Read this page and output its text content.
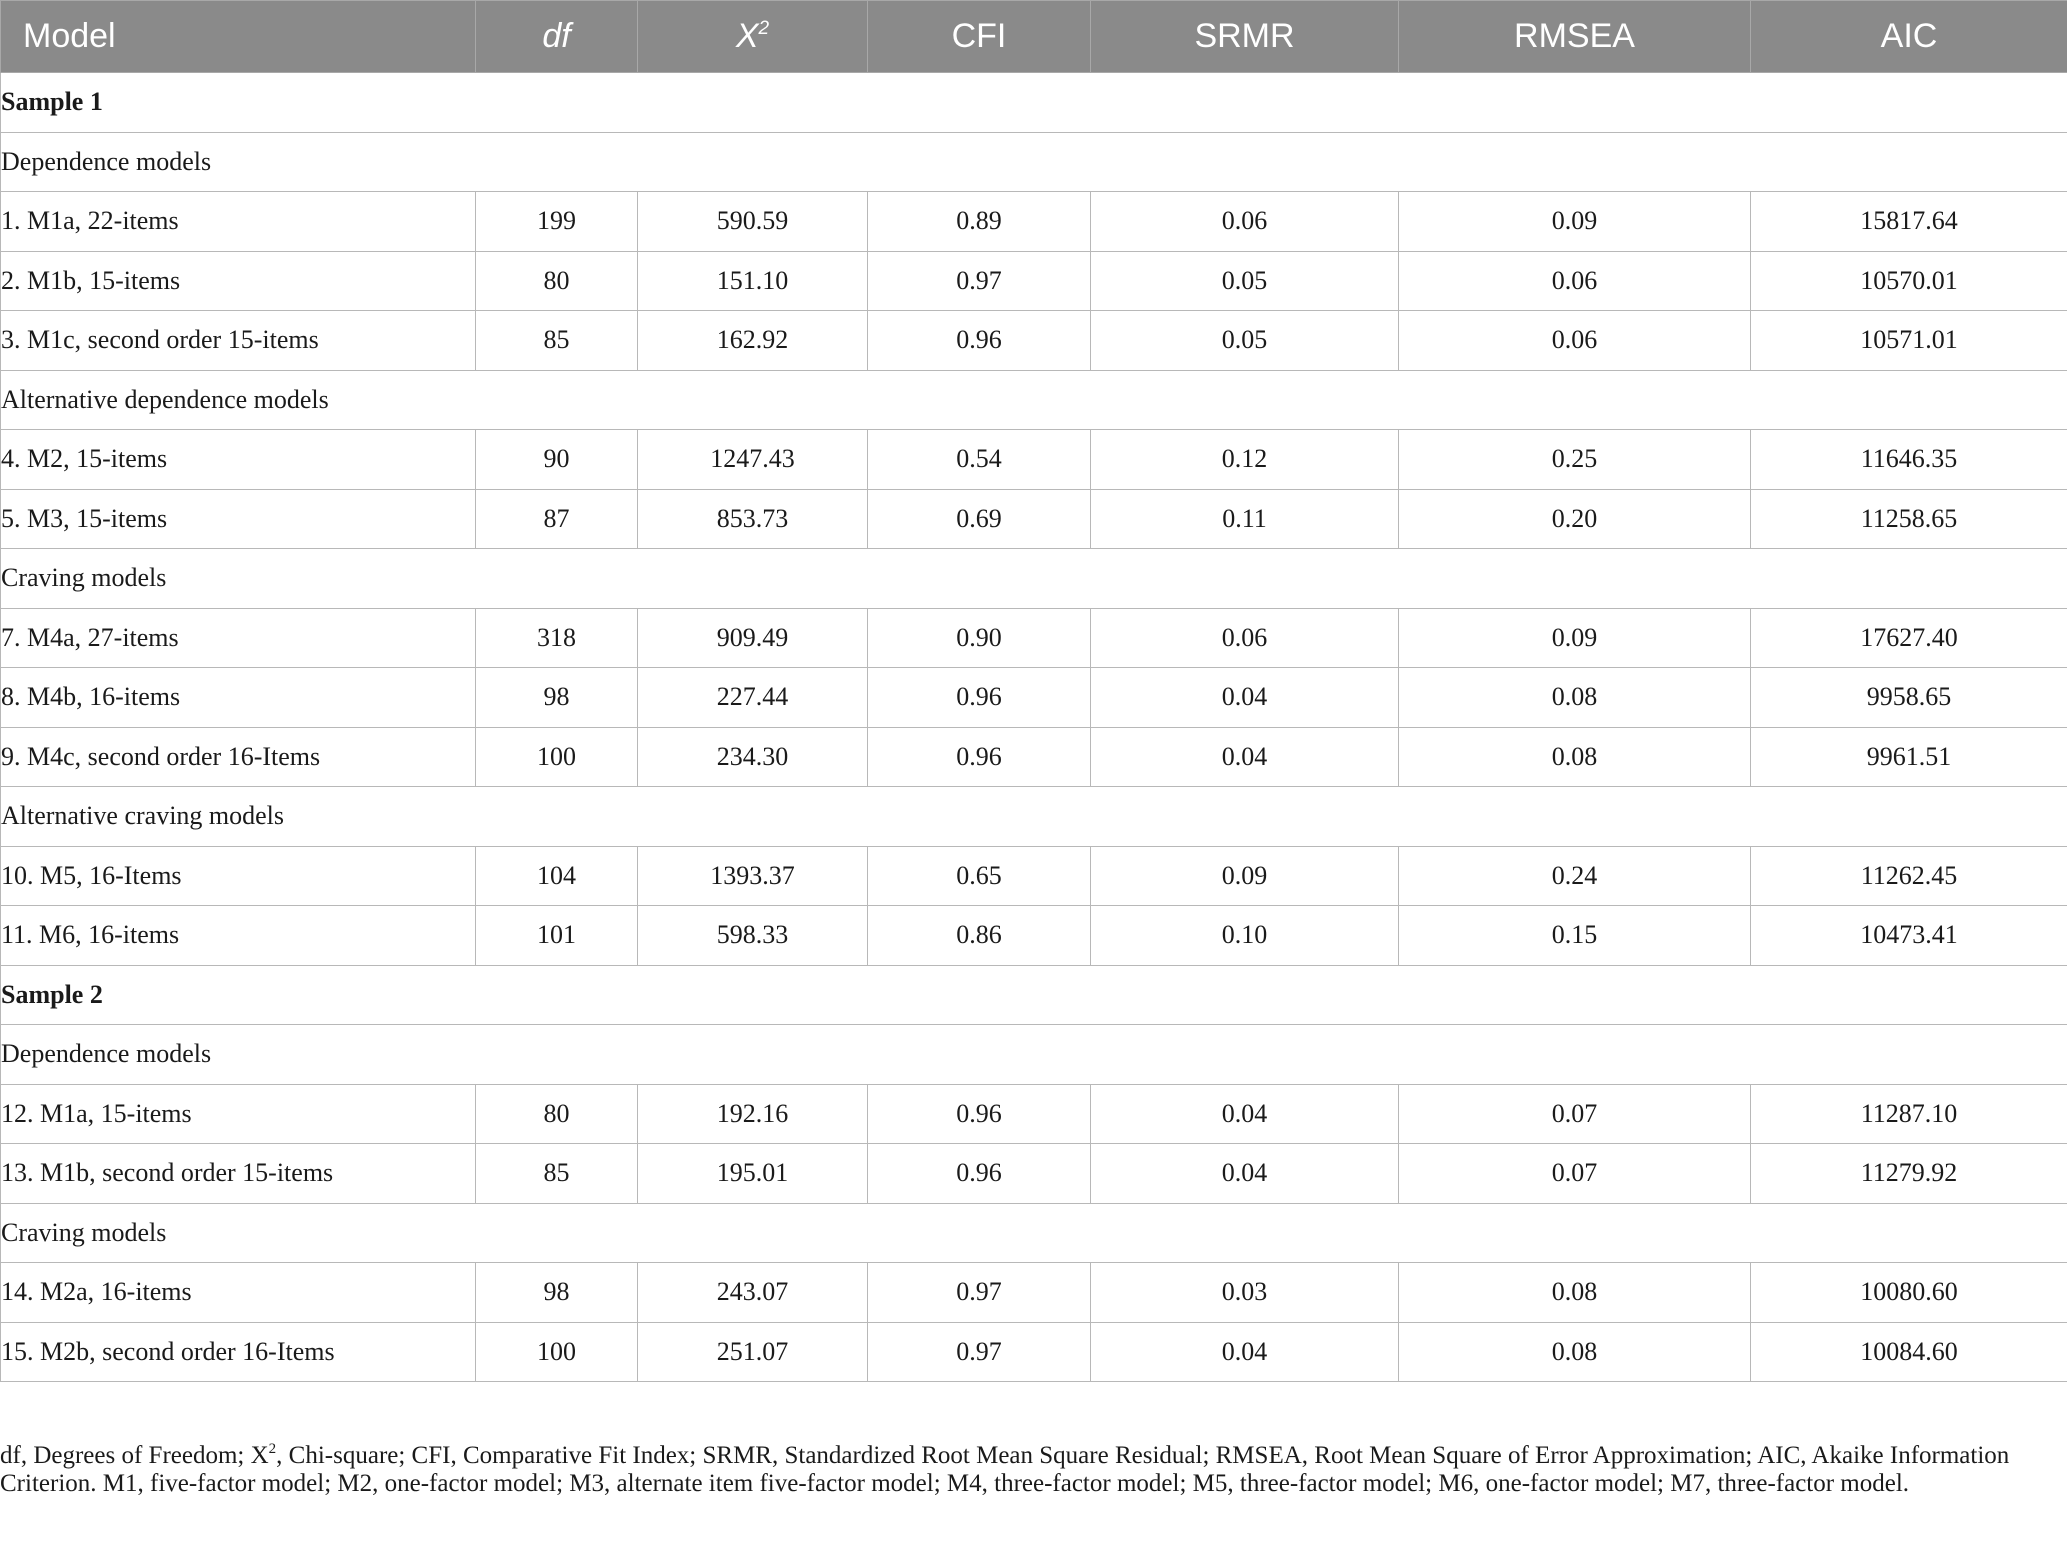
Model	df	$X^2$	CFI	SRMR	RMSEA	AIC
Sample 1						
Dependence models						
1. M1a, 22-items	199	590.59	0.89	0.06	0.09	15817.64
2. M1b, 15-items	80	151.10	0.97	0.05	0.06	10570.01
3. M1c, second order 15-items	85	162.92	0.96	0.05	0.06	10571.01
Alternative dependence models						
4. M2, 15-items	90	1247.43	0.54	0.12	0.25	11646.35
5. M3, 15-items	87	853.73	0.69	0.11	0.20	11258.65
Craving models						
7. M4a, 27-items	318	909.49	0.90	0.06	0.09	17627.40
8. M4b, 16-items	98	227.44	0.96	0.04	0.08	9958.65
9. M4c, second order 16-Items	100	234.30	0.96	0.04	0.08	9961.51
Alternative craving models						
10. M5, 16-Items	104	1393.37	0.65	0.09	0.24	11262.45
11. M6, 16-items	101	598.33	0.86	0.10	0.15	10473.41
Sample 2						
Dependence models						
12. M1a, 15-items	80	192.16	0.96	0.04	0.07	11287.10
13. M1b, second order 15-items	85	195.01	0.96	0.04	0.07	11279.92
Craving models						
14. M2a, 16-items	98	243.07	0.97	0.03	0.08	10080.60
15. M2b, second order 16-Items	100	251.07	0.97	0.04	0.08	10084.60
df, Degrees of Freedom; $X^2$, Chi-square; CFI, Comparative Fit Index; SRMR, Standardized Root Mean Square Residual; RMSEA, Root Mean Square of Error Approximation; AIC, Akaike Information Criterion. M1, five-factor model; M2, one-factor model; M3, alternate item five-factor model; M4, three-factor model; M5, three-factor model; M6, one-factor model; M7, three-factor model.
